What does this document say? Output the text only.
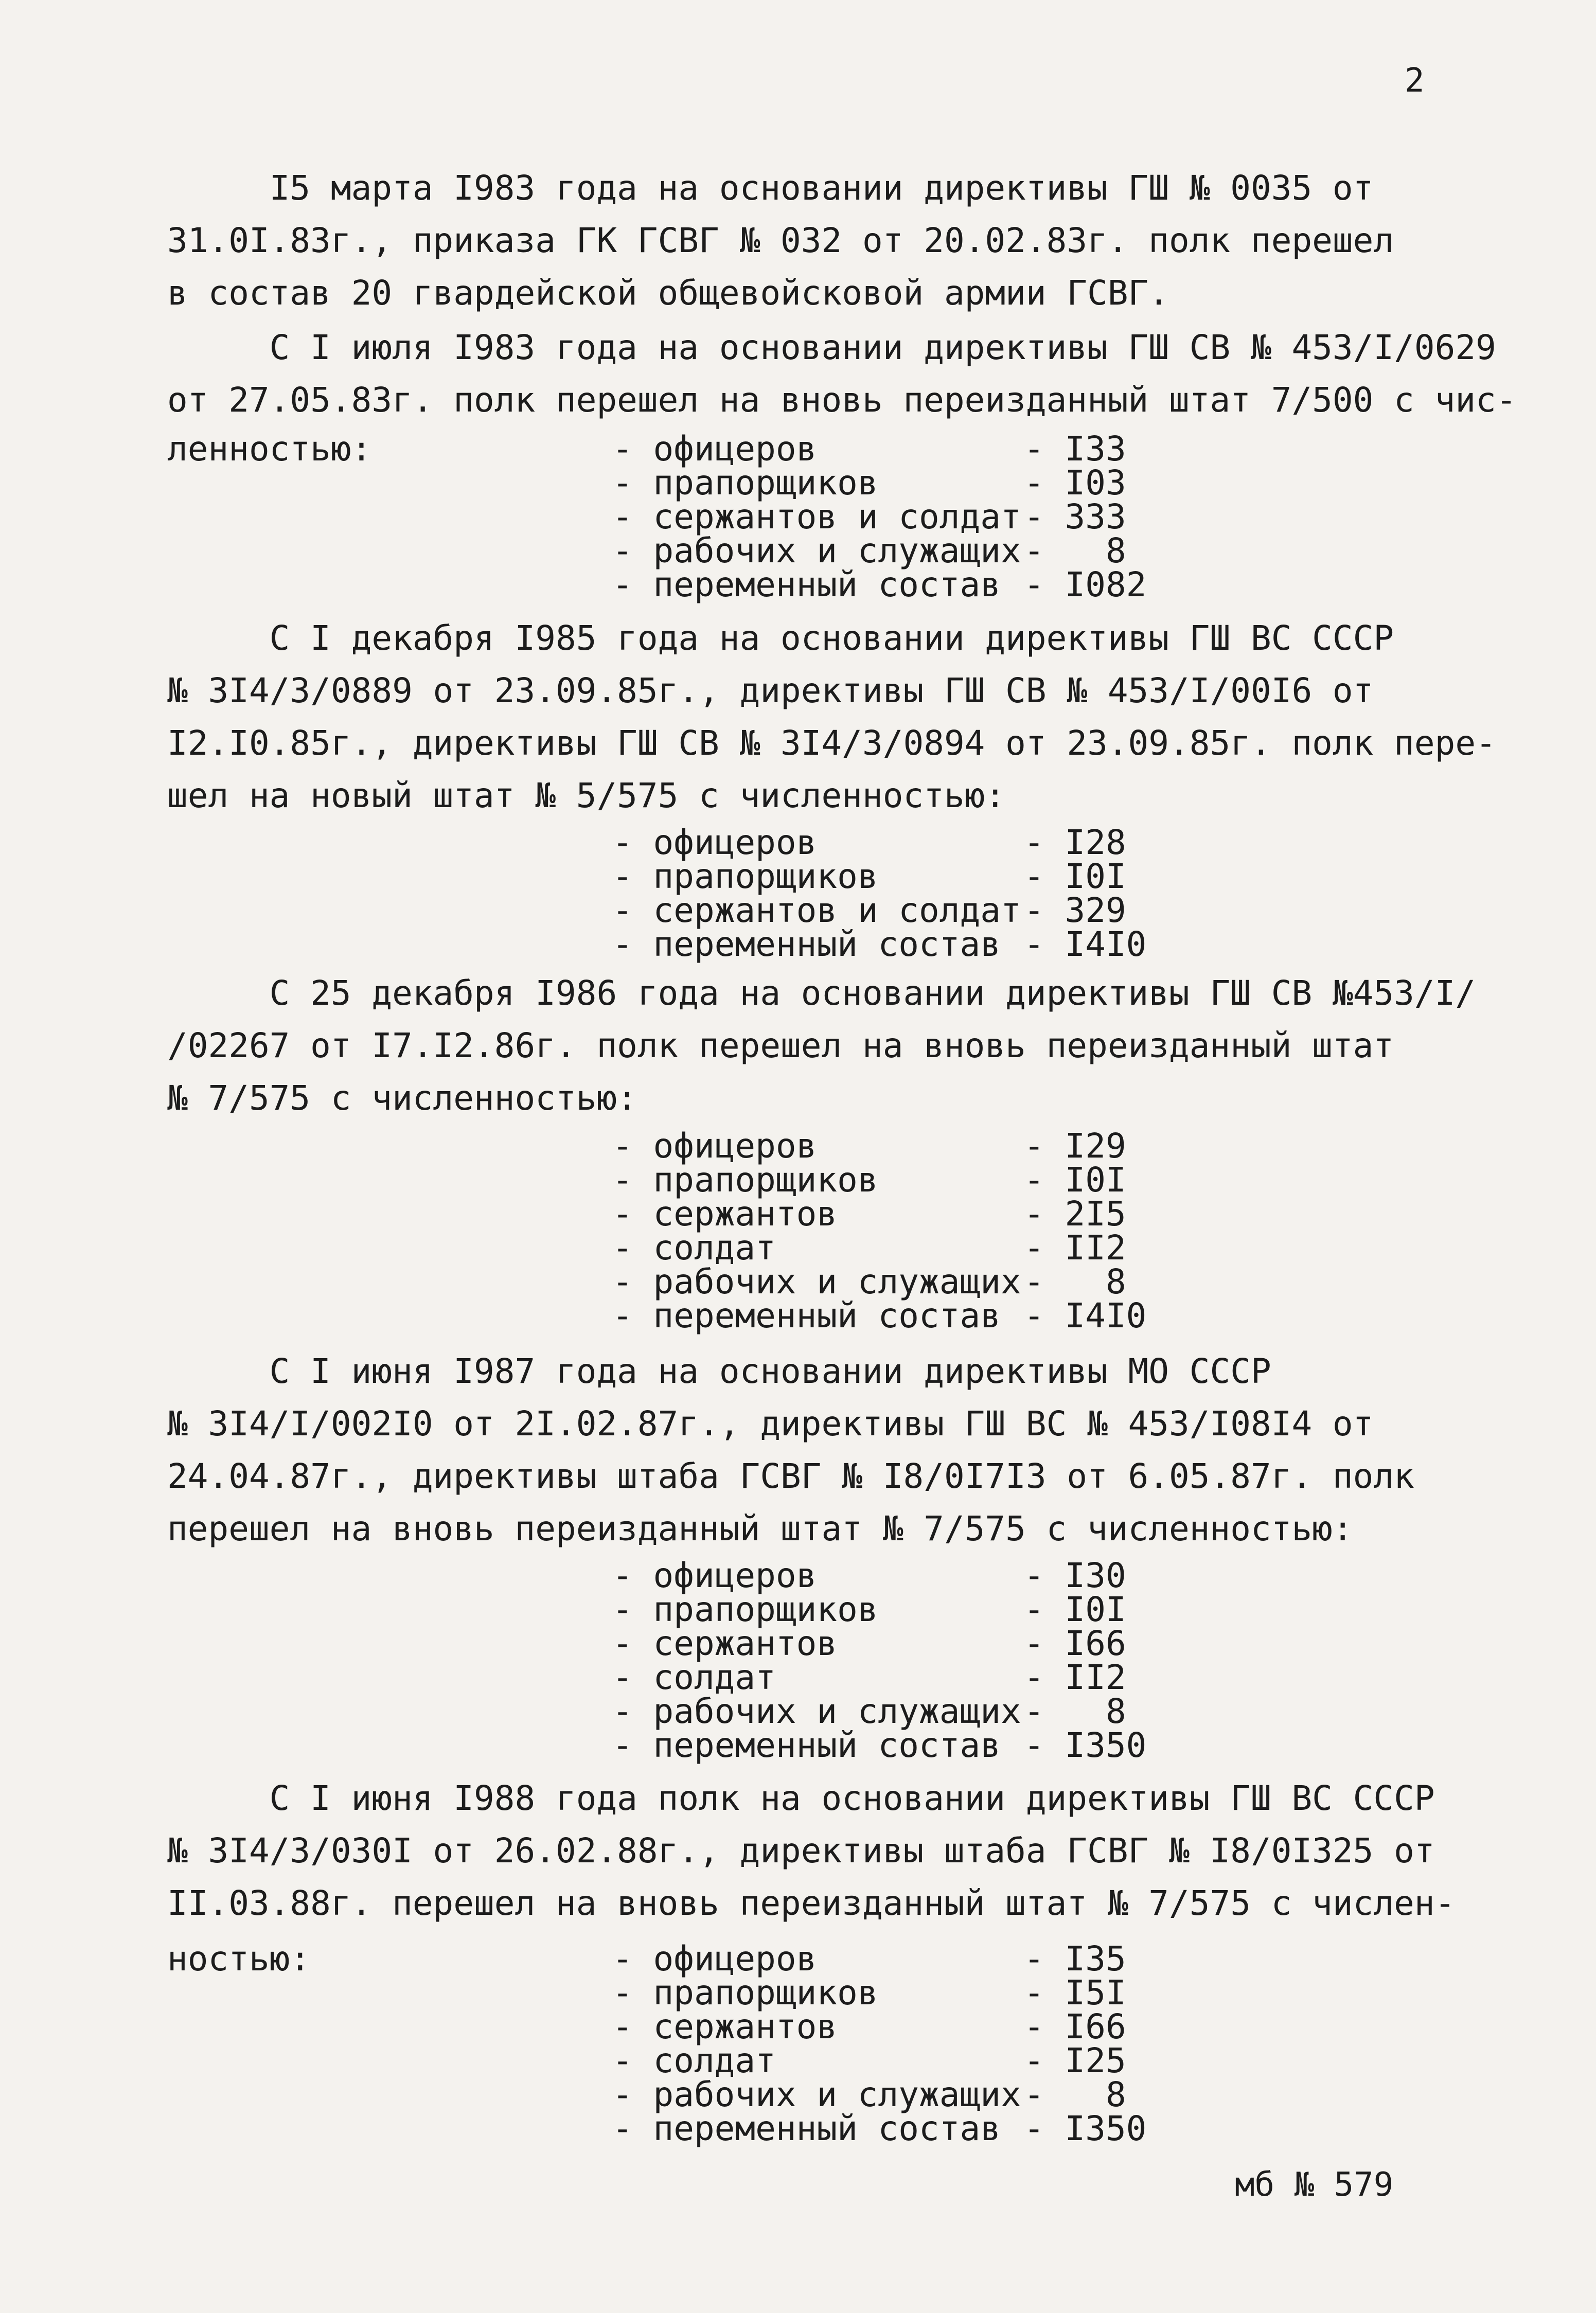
2
I5 марта I983 года на основании директивы ГШ № 0035 от
31.0I.83г., приказа ГК ГСВГ № 032 от 20.02.83г. полк перешел
в состав 20 гвардейской общевойсковой армии ГСВГ.
С I июля I983 года на основании директивы ГШ СВ № 453/I/0629
от 27.05.83г. полк перешел на вновь переизданный штат 7/500 с чис-
ленностью:	- офицеров	- I33
- прапорщиков	- I03
- сержантов и солдат - 333
- рабочих и служащих -   8
- переменный состав - I082
С I декабря I985 года на основании директивы ГШ ВС СССР
№ 3I4/3/0889 от 23.09.85г., директивы ГШ СВ № 453/I/00I6 от
I2.I0.85г., директивы ГШ СВ № 3I4/3/0894 от 23.09.85г. полк пере-
шел на новый штат № 5/575 с численностью:
- офицеров	- I28
- прапорщиков	- I0I
- сержантов и солдат - 329
- переменный состав - I4I0
С 25 декабря I986 года на основании директивы ГШ СВ №453/I/
/02267 от I7.I2.86г. полк перешел на вновь переизданный штат
№ 7/575 с численностью:
- офицеров	- I29
- прапорщиков	- I0I
- сержантов	- 2I5
- солдат	- II2
- рабочих и служащих -   8
- переменный состав - I4I0
С I июня I987 года на основании директивы МО СССР
№ 3I4/I/002I0 от 2I.02.87г., директивы ГШ ВС № 453/I08I4 от
24.04.87г., директивы штаба ГСВГ № I8/0I7I3 от 6.05.87г. полк
перешел на вновь переизданный штат № 7/575 с численностью:
- офицеров	- I30
- прапорщиков	- I0I
- сержантов	- I66
- солдат	- II2
- рабочих и служащих -   8
- переменный состав - I350
С I июня I988 года полк на основании директивы ГШ ВС СССР
№ 3I4/3/030I от 26.02.88г., директивы штаба ГСВГ № I8/0I325 от
II.03.88г. перешел на вновь переизданный штат № 7/575 с числен-
ностью:	- офицеров	- I35
- прапорщиков	- I5I
- сержантов	- I66
- солдат	- I25
- рабочих и служащих -   8
- переменный состав - I350
мб № 579
